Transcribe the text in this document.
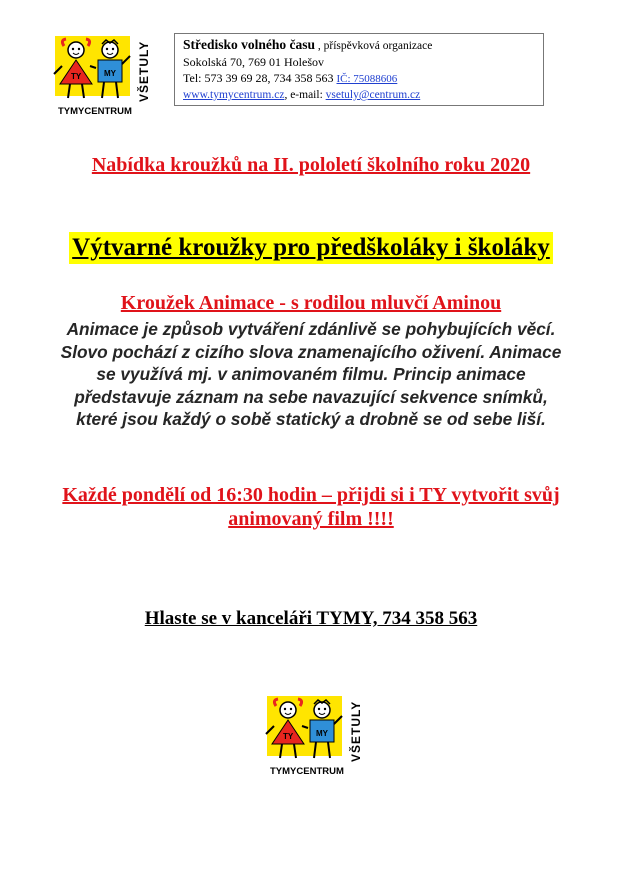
TY	MY VŠETULY
TYMYCENTRUM
Středisko volného času , příspěvková organizace
Sokolská 70, 769 01 Holešov
Tel: 573 39 69 28, 734 358 563 IČ: 75088606
www.tymycentrum.cz, e-mail: vsetuly@centrum.cz
Nabídka kroužků na II. pololetí školního roku 2020
Výtvarné kroužky pro předškoláky i školáky
Kroužek Animace - s rodilou mluvčí Aminou
Animace je způsob vytváření zdánlivě se pohybujících věcí. Slovo pochází z cizího slova znamenajícího oživení. Animace se využívá mj. v animovaném filmu. Princip animace představuje záznam na sebe navazující sekvence snímků, které jsou každý o sobě statický a drobně se od sebe liší.
Každé pondělí od 16:30 hodin – přijdi si i TY vytvořit svůj animovaný film !!!!
Hlaste se v kanceláři TYMY, 734 358 563
TY	MY VŠETULY
TYMYCENTRUM
